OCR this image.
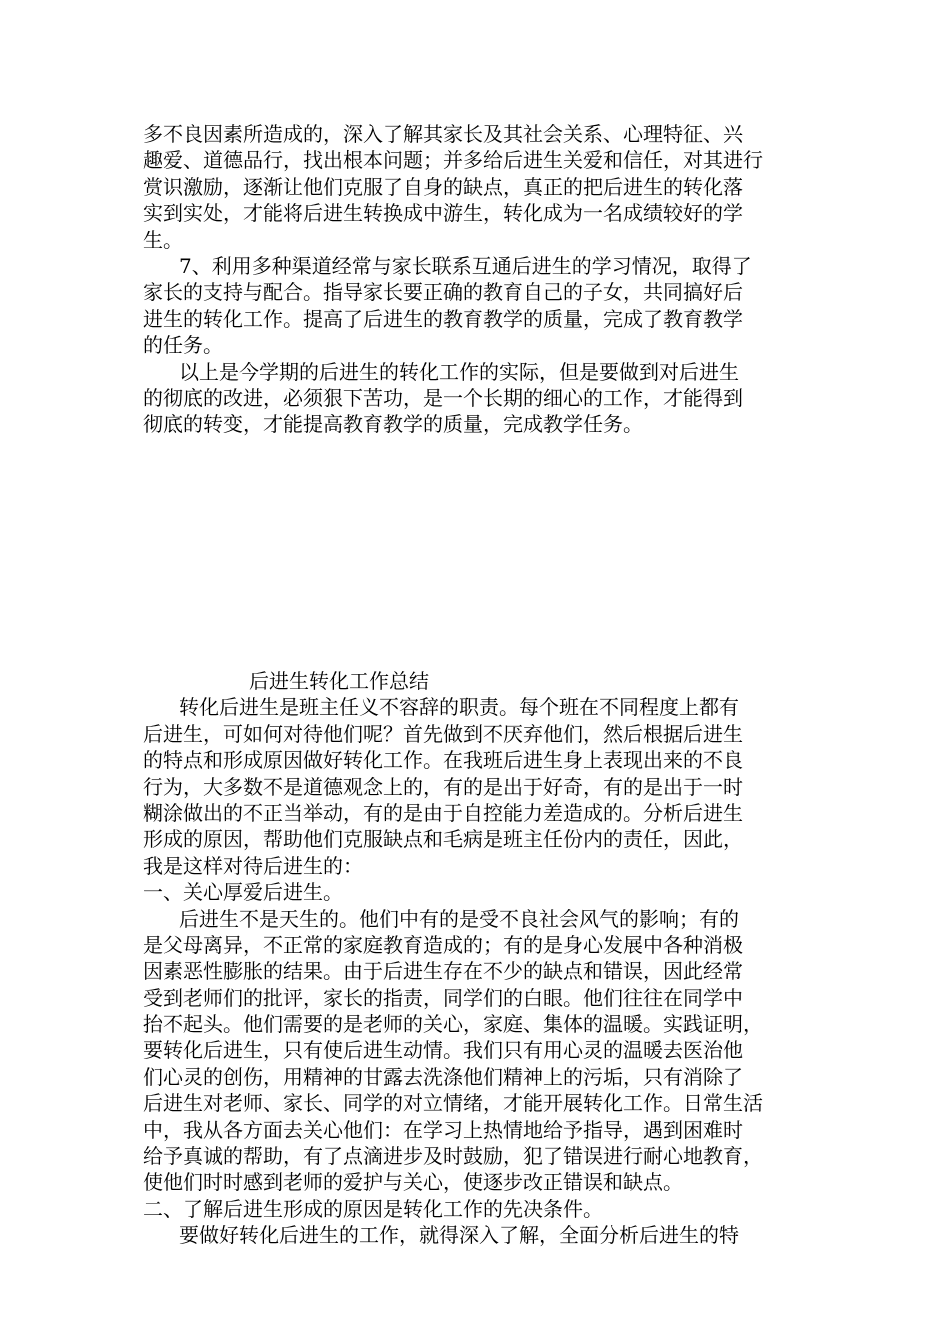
多不良因素所造成的，深入了解其家长及其社会关系、心理特征、兴
趣爱、道德品行，找出根本问题；并多给后进生关爱和信任，对其进行
赏识激励，逐渐让他们克服了自身的缺点，真正的把后进生的转化落
实到实处，才能将后进生转换成中游生，转化成为一名成绩较好的学
生。
7、利用多种渠道经常与家长联系互通后进生的学习情况，取得了
家长的支持与配合。指导家长要正确的教育自己的子女，共同搞好后
进生的转化工作。提高了后进生的教育教学的质量，完成了教育教学
的任务。
以上是今学期的后进生的转化工作的实际，但是要做到对后进生
的彻底的改进，必须狠下苦功，是一个长期的细心的工作，才能得到
彻底的转变，才能提高教育教学的质量，完成教学任务。
后进生转化工作总结
转化后进生是班主任义不容辞的职责。每个班在不同程度上都有
后进生，可如何对待他们呢？首先做到不厌弃他们，然后根据后进生
的特点和形成原因做好转化工作。在我班后进生身上表现出来的不良
行为，大多数不是道德观念上的，有的是出于好奇，有的是出于一时
糊涂做出的不正当举动，有的是由于自控能力差造成的。分析后进生
形成的原因，帮助他们克服缺点和毛病是班主任份内的责任，因此，
我是这样对待后进生的：
一、关心厚爱后进生。
后进生不是天生的。他们中有的是受不良社会风气的影响；有的
是父母离异，不正常的家庭教育造成的；有的是身心发展中各种消极
因素恶性膨胀的结果。由于后进生存在不少的缺点和错误，因此经常
受到老师们的批评，家长的指责，同学们的白眼。他们往往在同学中
抬不起头。他们需要的是老师的关心，家庭、集体的温暖。实践证明，
要转化后进生，只有使后进生动情。我们只有用心灵的温暖去医治他
们心灵的创伤，用精神的甘露去洗涤他们精神上的污垢，只有消除了
后进生对老师、家长、同学的对立情绪，才能开展转化工作。日常生活
中，我从各方面去关心他们：在学习上热情地给予指导，遇到困难时
给予真诚的帮助，有了点滴进步及时鼓励，犯了错误进行耐心地教育，
使他们时时感到老师的爱护与关心，使逐步改正错误和缺点。
二、了解后进生形成的原因是转化工作的先决条件。
要做好转化后进生的工作，就得深入了解，全面分析后进生的特
